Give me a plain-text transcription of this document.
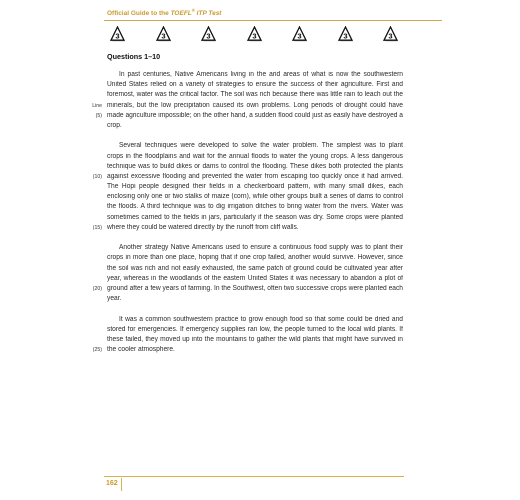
Official Guide to the TOEFL® ITP Test
3	3	3	3	3	3	3
Questions 1–10
In past centuries, Native Americans living in the arid areas of what is now the southwestern
United States relied on a variety of strategies to ensure the success of their agriculture. First and
foremost, water was the critical factor. The soil was rich because there was little rain to leach out the
Line minerals, but the low precipitation caused its own problems. Long periods of drought could have
(5) made agriculture impossible; on the other hand, a sudden flood could just as easily have destroyed a
crop.
Several techniques were developed to solve the water problem. The simplest was to plant
crops in the floodplains and wait for the annual floods to water the young crops. A less dangerous
technique was to build dikes or dams to control the flooding. These dikes both protected the plants
(10) against excessive flooding and prevented the water from escaping too quickly once it had arrived.
The Hopi people designed their fields in a checkerboard pattern, with many small dikes, each
enclosing only one or two stalks of maize (corn), while other groups built a series of dams to control
the floods. A third technique was to dig irrigation ditches to bring water from the rivers. Water was
sometimes carried to the fields in jars, particularly if the season was dry. Some crops were planted
(15) where they could be watered directly by the runoff from cliff walls.
Another strategy Native Americans used to ensure a continuous food supply was to plant their
crops in more than one place, hoping that if one crop failed, another would survive. However, since
the soil was rich and not easily exhausted, the same patch of ground could be cultivated year after
year, whereas in the woodlands of the eastern United States it was necessary to abandon a plot of
(20) ground after a few years of farming. In the Southwest, often two successive crops were planted each
year.
It was a common southwestern practice to grow enough food so that some could be dried and
stored for emergencies. If emergency supplies ran low, the people turned to the local wild plants. If
these failed, they moved up into the mountains to gather the wild plants that might have survived in
(25) the cooler atmosphere.
162
